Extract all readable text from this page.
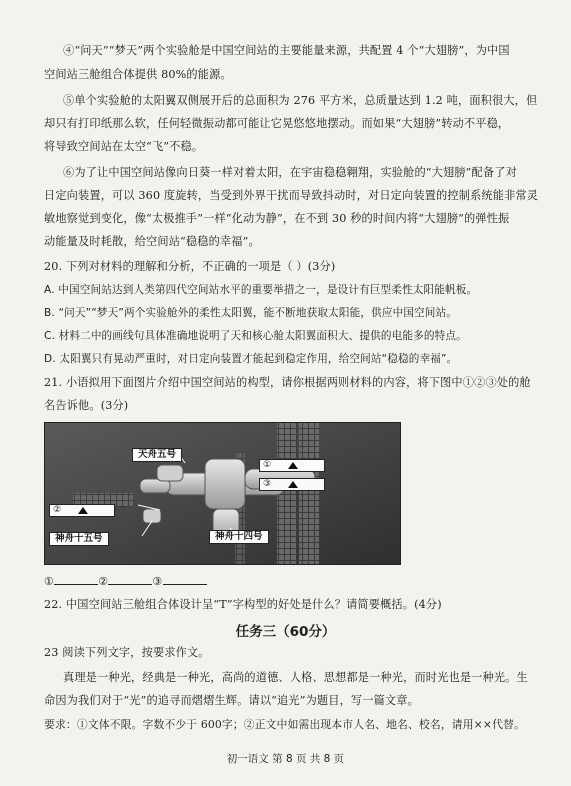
④“问天”“梦天”两个实验舱是中国空间站的主要能量来源，共配置 4 个“大翅膀”，为中国
空间站三舱组合体提供 80%的能源。
⑤单个实验舱的太阳翼双侧展开后的总面积为 276 平方米，总质量达到 1.2 吨，面积很大，但
却只有打印纸那么软，任何轻微振动都可能让它晃悠悠地摆动。而如果“大翅膀”转动不平稳，
将导致空间站在太空“飞”不稳。
⑥为了让中国空间站像向日葵一样对着太阳，在宇宙稳稳翱翔，实验舱的“大翅膀”配备了对
日定向装置，可以 360 度旋转，当受到外界干扰而导致抖动时，对日定向装置的控制系统能非常灵
敏地察觉到变化，像“太极推手”一样“化动为静”，在不到 30 秒的时间内将“大翅膀”的弹性振
动能量及时耗散，给空间站“稳稳的幸福”。
20. 下列对材料的理解和分析，不正确的一项是（ ）(3分)
A. 中国空间站达到人类第四代空间站水平的重要举措之一，是设计有巨型柔性太阳能帆板。
B. “问天”“梦天”两个实验舱外的柔性太阳翼，能不断地获取太阳能，供应中国空间站。
C. 材料二中的画线句具体准确地说明了天和核心舱太阳翼面积大、提供的电能多的特点。
D. 太阳翼只有晃动严重时，对日定向装置才能起到稳定作用，给空间站“稳稳的幸福”。
21. 小语拟用下面图片介绍中国空间站的构型，请你根据两则材料的内容，将下图中①②③处的舱
名告诉他。(3分)
天舟五号
①
③
②
神舟十五号	神舟十四号
①	②	③
22. 中国空间站三舱组合体设计呈“T”字构型的好处是什么？请简要概括。(4分)
任务三（60分）
23 阅读下列文字，按要求作文。
真理是一种光，经典是一种光，高尚的道德、人格、思想都是一种光，而时光也是一种光。生
命因为我们对于“光”的追寻而熠熠生辉。请以“追光”为题目，写一篇文章。
要求：①文体不限。字数不少于 600字；②正文中如需出现本市人名、地名、校名，请用××代替。
初一语文 第 8 页 共 8 页
